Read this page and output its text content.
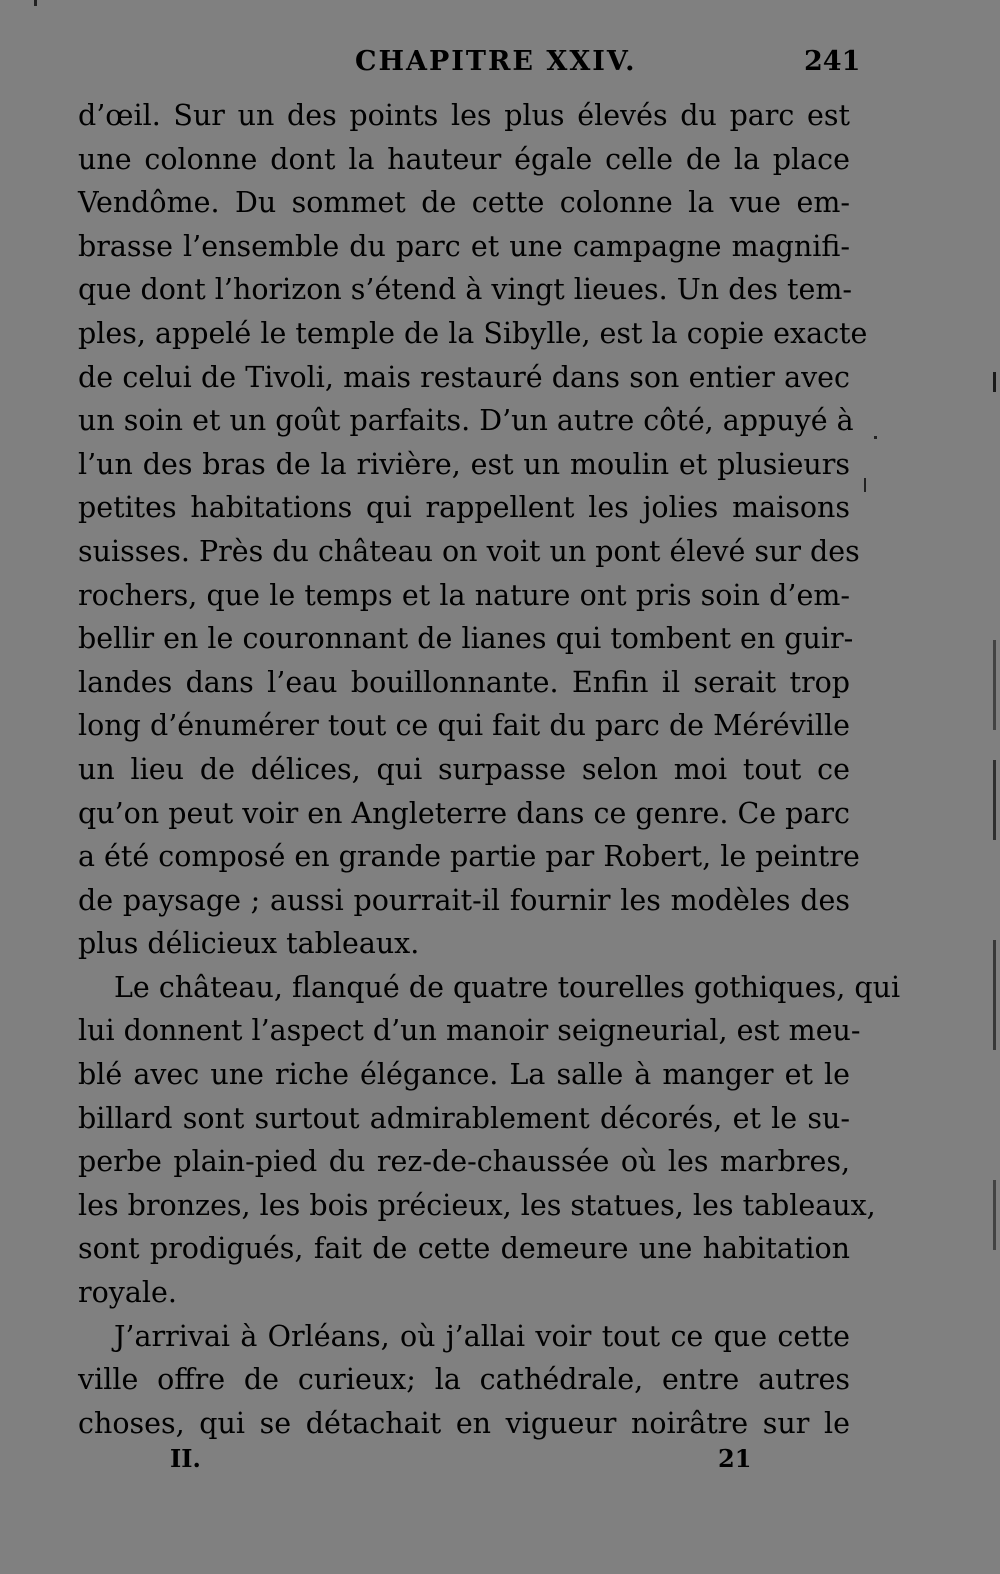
CHAPITRE XXIV.	241
d’œil. Sur un des points les plus élevés du parc est
une colonne dont la hauteur égale celle de la place
Vendôme. Du sommet de cette colonne la vue em-
brasse l’ensemble du parc et une campagne magnifi-
que dont l’horizon s’étend à vingt lieues. Un des tem-
ples, appelé le temple de la Sibylle, est la copie exacte
de celui de Tivoli, mais restauré dans son entier avec
un soin et un goût parfaits. D’un autre côté, appuyé à
l’un des bras de la rivière, est un moulin et plusieurs
petites habitations qui rappellent les jolies maisons
suisses. Près du château on voit un pont élevé sur des
rochers, que le temps et la nature ont pris soin d’em-
bellir en le couronnant de lianes qui tombent en guir-
landes dans l’eau bouillonnante. Enfin il serait trop
long d’énumérer tout ce qui fait du parc de Méréville
un lieu de délices, qui surpasse selon moi tout ce
qu’on peut voir en Angleterre dans ce genre. Ce parc
a été composé en grande partie par Robert, le peintre
de paysage ; aussi pourrait-il fournir les modèles des
plus délicieux tableaux.
Le château, flanqué de quatre tourelles gothiques, qui
lui donnent l’aspect d’un manoir seigneurial, est meu-
blé avec une riche élégance. La salle à manger et le
billard sont surtout admirablement décorés, et le su-
perbe plain-pied du rez-de-chaussée où les marbres,
les bronzes, les bois précieux, les statues, les tableaux,
sont prodigués, fait de cette demeure une habitation
royale.
J’arrivai à Orléans, où j’allai voir tout ce que cette
ville offre de curieux; la cathédrale, entre autres
choses, qui se détachait en vigueur noirâtre sur le
II.	21
